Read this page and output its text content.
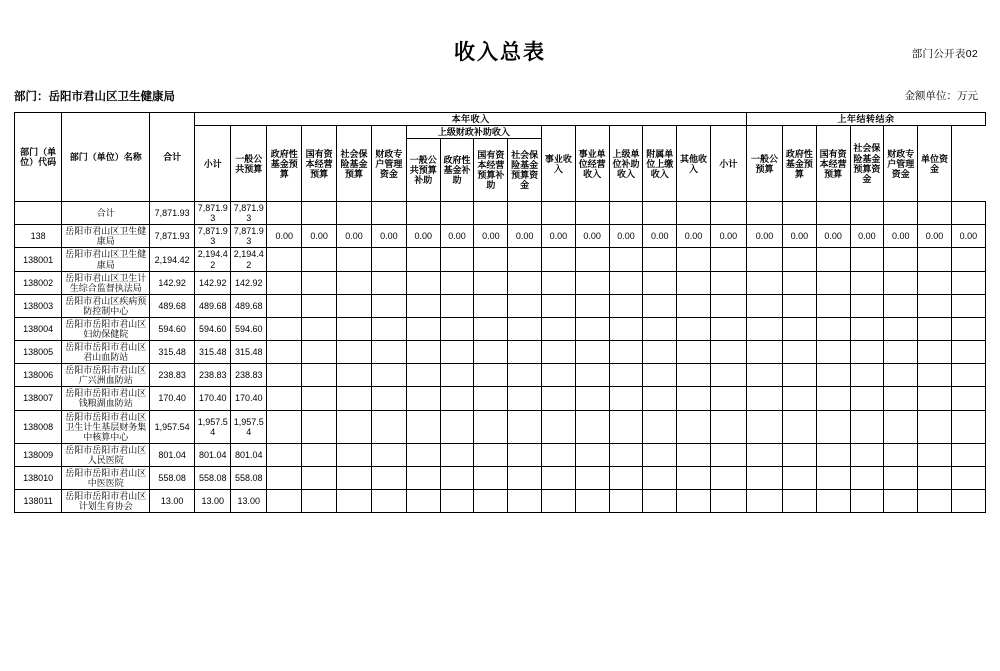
部门公开表02
收入总表
部门：岳阳市君山区卫生健康局	金额单位：万元
部门（单位）代码	部门（单位）名称	合计	本年收入																上年结转结余						
			小计	一般公共预算	政府性基金预算	国有资本经营预算	社会保险基金预算	财政专户管理资金	上级财政补助收入				事业收入	事业单位经营收入	上级单位补助收入	附属单位上缴收入	其他收入	小计	一般公预算	政府性基金预算	国有资本经营预算	社会保险基金预算资金	财政专户管理资金	单位资金	
									一般公共预算补助	政府性基金补助	国有资本经营预算补助	社会保险基金预算资金													
	合计	7,871.93	7,871.93	7,871.93																					
138	岳阳市君山区卫生健康局	7,871.93	7,871.93	7,871.93	0.00	0.00	0.00	0.00	0.00	0.00	0.00	0.00	0.00	0.00	0.00	0.00	0.00	0.00	0.00	0.00	0.00	0.00	0.00	0.00	0.00
138001	岳阳市君山区卫生健康局	2,194.42	2,194.42	2,194.42																					
138002	岳阳市君山区卫生计生综合监督执法局	142.92	142.92	142.92																					
138003	岳阳市君山区疾病预防控制中心	489.68	489.68	489.68																					
138004	岳阳市岳阳市君山区妇幼保健院	594.60	594.60	594.60																					
138005	岳阳市岳阳市君山区君山血防站	315.48	315.48	315.48																					
138006	岳阳市岳阳市君山区广兴洲血防站	238.83	238.83	238.83																					
138007	岳阳市岳阳市君山区钱粮湖血防站	170.40	170.40	170.40																					
138008	岳阳市岳阳市君山区卫生计生基层财务集中核算中心	1,957.54	1,957.54	1,957.54																					
138009	岳阳市岳阳市君山区人民医院	801.04	801.04	801.04																					
138010	岳阳市岳阳市君山区中医医院	558.08	558.08	558.08																					
138011	岳阳市岳阳市君山区计划生育协会	13.00	13.00	13.00																					
